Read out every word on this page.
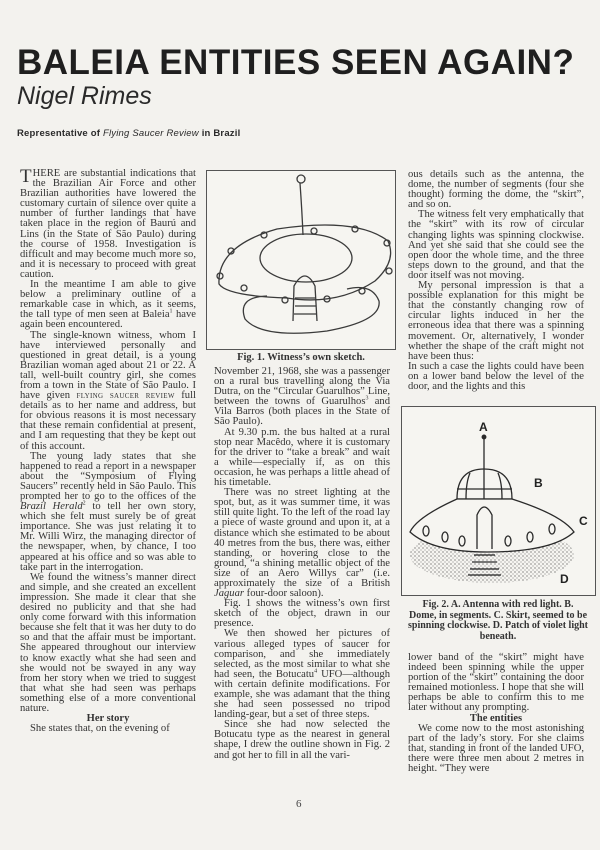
BALEIA ENTITIES SEEN AGAIN?
Nigel Rimes
Representative of Flying Saucer Review in Brazil

THERE are substantial indications that the Brazilian Air Force and other Brazilian authorities have lowered the customary curtain of silence over quite a number of further landings that have taken place in the region of Baurú and Lins (in the State of São Paulo) during the course of 1958. Investigation is difficult and may become much more so, and it is necessary to proceed with great caution.

In the meantime I am able to give below a preliminary outline of a remarkable case in which, as it seems, the tall type of men seen at Baleia$^1$ have again been encountered.

The single-known witness, whom I have interviewed personally and questioned in great detail, is a young Brazilian woman aged about 21 or 22. A tall, well-built country girl, she comes from a town in the State of São Paulo. I have given flying saucer review full details as to her name and address, but for obvious reasons it is most necessary that these remain confidential at present, and I am requesting that they be kept out of this account.

The young lady states that she happened to read a report in a newspaper about the “Symposium of Flying Saucers” recently held in São Paulo. This prompted her to go to the offices of the Brazil Herald$^2$ to tell her own story, which she felt must surely be of great importance. She was just relating it to Mr. Willi Wirz, the managing director of the newspaper, when, by chance, I too appeared at his office and so was able to take part in the interrogation.

We found the witness’s manner direct and simple, and she created an excellent impression. She made it clear that she desired no publicity and that she had only come forward with this information because she felt that it was her duty to do so and that the affair must be important. She appeared throughout our interview to know exactly what she had seen and she would not be swayed in any way from her story when we tried to suggest that what she had seen was perhaps something else of a more conventional nature.

Her story

She states that, on the evening of

Fig. 1. Witness’s own sketch.

November 21, 1968, she was a passenger on a rural bus travelling along the Via Dutra, on the “Circular Guarulhos” Line, between the towns of Guarulhos$^3$ and Vila Barros (both places in the State of São Paulo).

At 9.30 p.m. the bus halted at a rural stop near Macêdo, where it is customary for the driver to “take a break” and wait a while—especially if, as on this occasion, he was perhaps a little ahead of his timetable.

There was no street lighting at the spot, but, as it was summer time, it was still quite light. To the left of the road lay a piece of waste ground and upon it, at a distance which she estimated to be about 40 metres from the bus, there was, either standing, or hovering close to the ground, “a shining metallic object of the size of an Aero Willys car” (i.e. approximately the size of a British Jaguar four-door saloon).

Fig. 1 shows the witness’s own first sketch of the object, drawn in our presence.

We then showed her pictures of various alleged types of saucer for comparison, and she immediately selected, as the most similar to what she had seen, the Botucatu$^4$ UFO—although with certain definite modifications. For example, she was adamant that the thing she had seen possessed no tripod landing-gear, but a set of three steps.

Since she had now selected the Botucatu type as the nearest in general shape, I drew the outline shown in Fig. 2 and got her to fill in all the vari-

ous details such as the antenna, the dome, the number of segments (four she thought) forming the dome, the “skirt”, and so on.

The witness felt very emphatically that the “skirt” with its row of circular changing lights was spinning clockwise. And yet she said that she could see the open door the whole time, and the three steps down to the ground, and that the door itself was not moving.

My personal impression is that a possible explanation for this might be that the constantly changing row of circular lights induced in her the erroneous idea that there was a spinning movement. Or, alternatively, I wonder whether the shape of the craft might not have been thus:

In such a case the lights could have been on a lower band below the level of the door, and the lights and this

A
B
C
D
Fig. 2. A. Antenna with red light. B. Dome, in segments. C. Skirt, seemed to be spinning clockwise. D. Patch of violet light beneath.

lower band of the “skirt” might have indeed been spinning while the upper portion of the “skirt” containing the door remained motionless. I hope that she will perhaps be able to confirm this to me later without any prompting.

The entities

We come now to the most astonishing part of the lady’s story. For she claims that, standing in front of the landed UFO, there were three men about 2 metres in height. “They were

6
